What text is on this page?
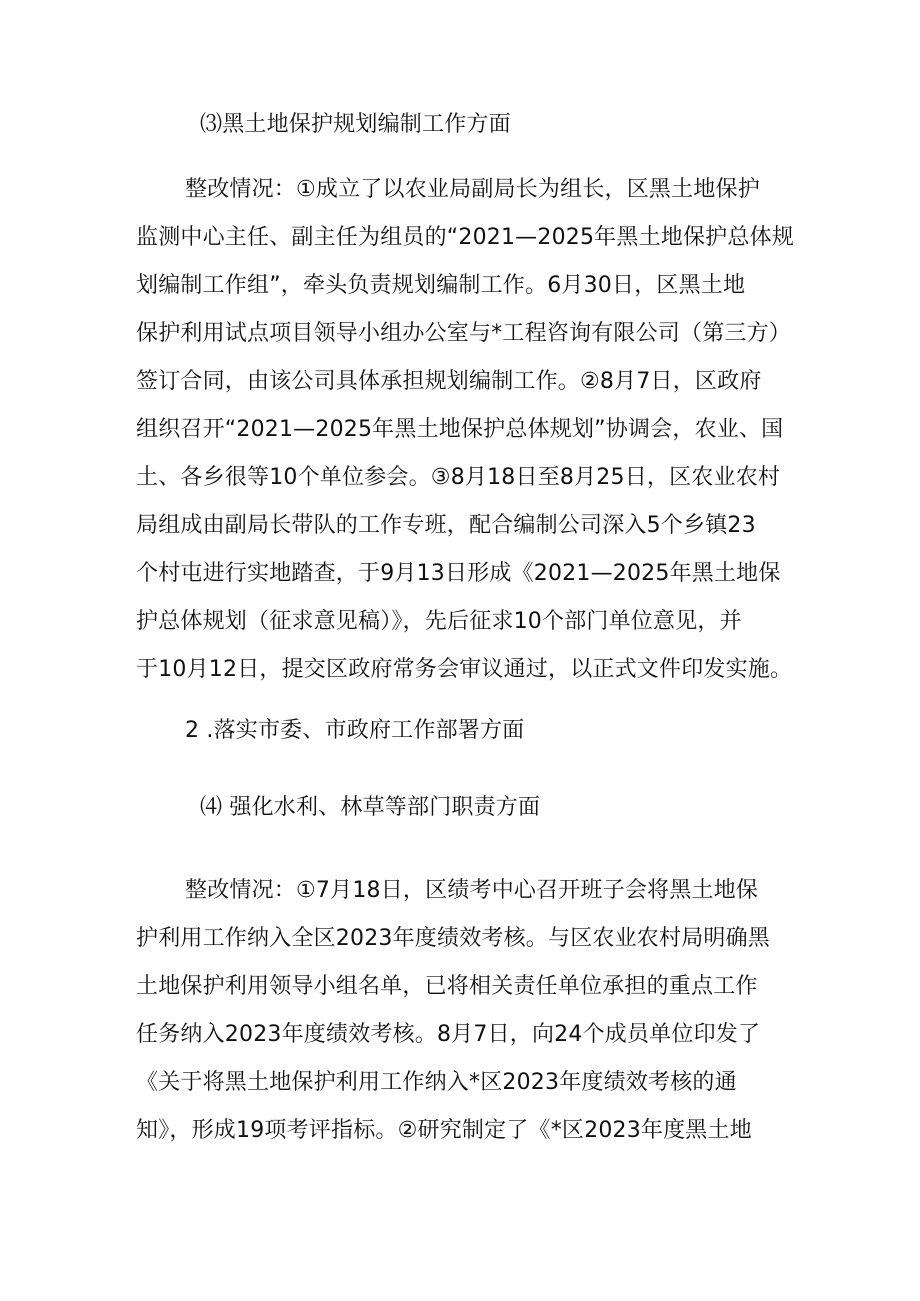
⑶黑土地保护规划编制工作方面
整改情况：①成立了以农业局副局长为组长，区黑土地保护
监测中心主任、副主任为组员的“2021—2025年黑土地保护总体规
划编制工作组”，牵头负责规划编制工作。6月30日，区黑土地
保护利用试点项目领导小组办公室与*工程咨询有限公司（第三方）
签订合同，由该公司具体承担规划编制工作。②8月7日，区政府
组织召开“2021—2025年黑土地保护总体规划”协调会，农业、国
土、各乡很等10个单位参会。③8月18日至8月25日，区农业农村
局组成由副局长带队的工作专班，配合编制公司深入5个乡镇23
个村屯进行实地踏查，于9月13日形成《2021—2025年黑土地保
护总体规划（征求意见稿）》，先后征求10个部门单位意见，并
于10月12日，提交区政府常务会审议通过，以正式文件印发实施。
2 .落实市委、市政府工作部署方面
⑷ 强化水利、林草等部门职责方面
整改情况：①7月18日，区绩考中心召开班子会将黑土地保
护利用工作纳入全区2023年度绩效考核。与区农业农村局明确黑
土地保护利用领导小组名单，已将相关责任单位承担的重点工作
任务纳入2023年度绩效考核。8月7日，向24个成员单位印发了
《关于将黑土地保护利用工作纳入*区2023年度绩效考核的通
知》，形成19项考评指标。②研究制定了《*区2023年度黑土地
